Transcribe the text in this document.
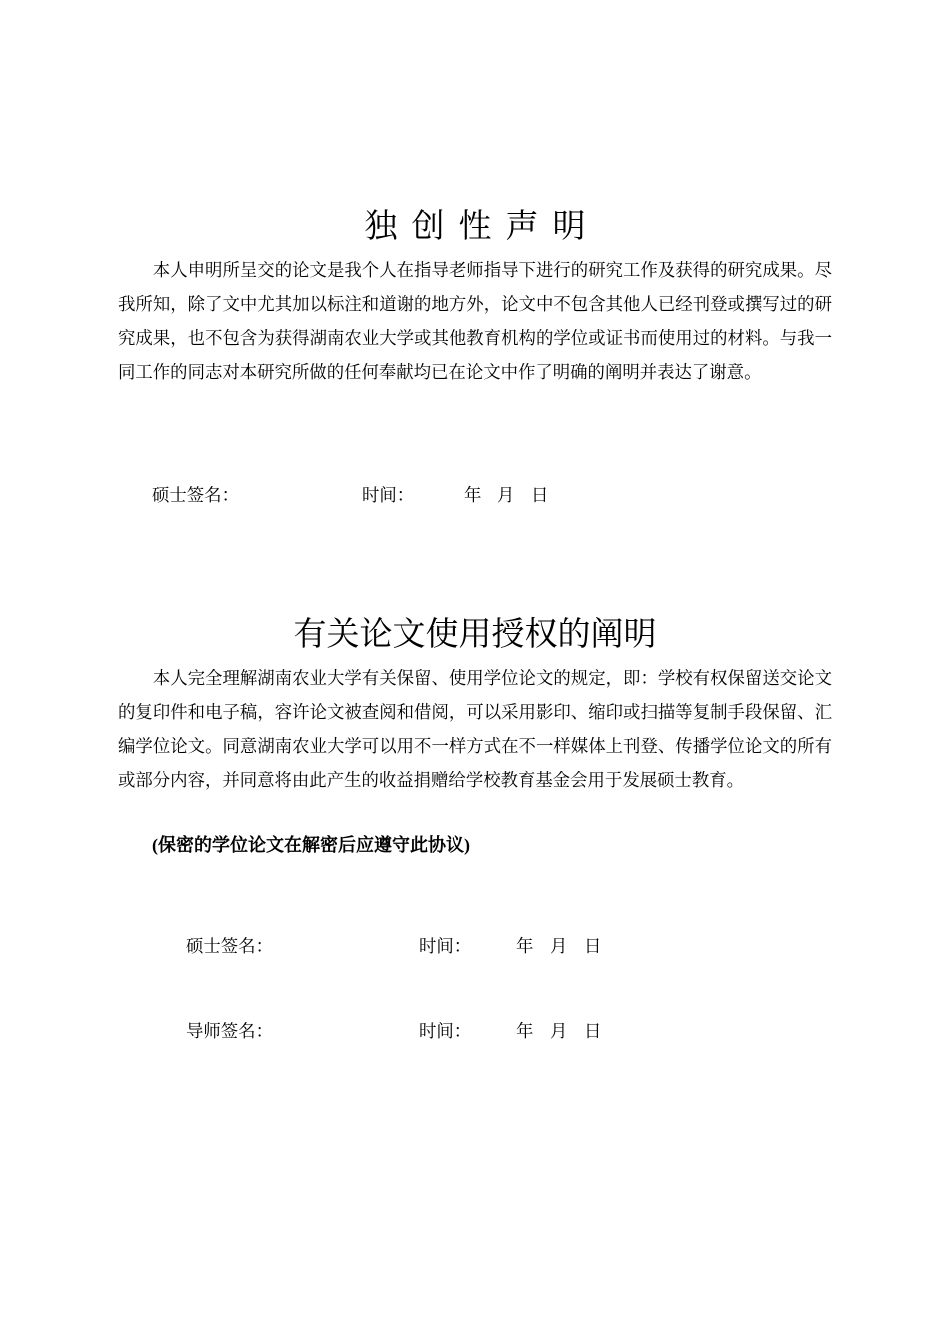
独创性声明

本人申明所呈交的论文是我个人在指导老师指导下进行的研究工作及获得的研究成果。尽我所知，除了文中尤其加以标注和道谢的地方外，论文中不包含其他人已经刊登或撰写过的研究成果，也不包含为获得湖南农业大学或其他教育机构的学位或证书而使用过的材料。与我一同工作的同志对本研究所做的任何奉献均已在论文中作了明确的阐明并表达了谢意。

硕士签名：	时间：	年 月 日
有关论文使用授权的阐明

本人完全理解湖南农业大学有关保留、使用学位论文的规定，即：学校有权保留送交论文的复印件和电子稿，容许论文被查阅和借阅，可以采用影印、缩印或扫描等复制手段保留、汇编学位论文。同意湖南农业大学可以用不一样方式在不一样媒体上刊登、传播学位论文的所有或部分内容，并同意将由此产生的收益捐赠给学校教育基金会用于发展硕士教育。

(保密的学位论文在解密后应遵守此协议)

硕士签名：	时间：	年 月 日
导师签名：	时间：	年 月 日
